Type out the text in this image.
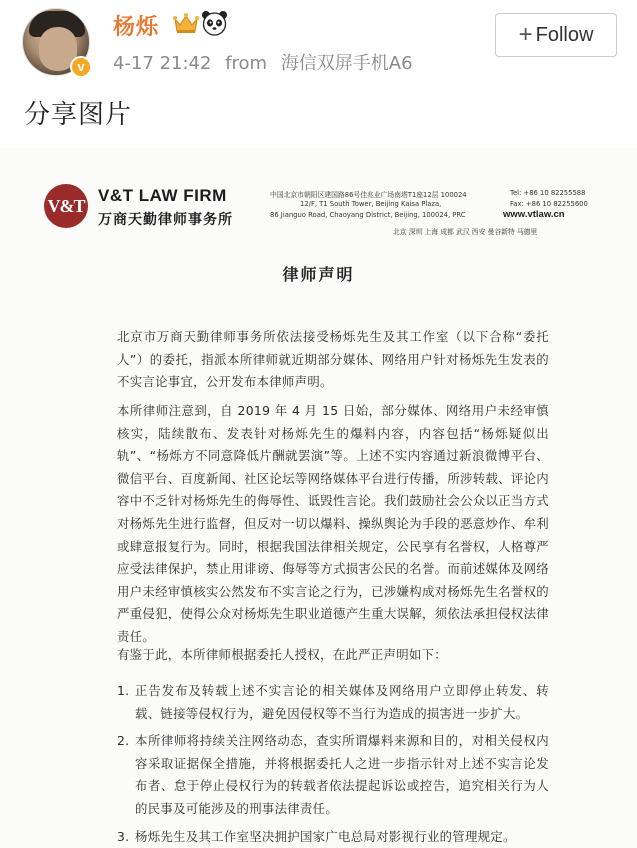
v
杨烁
4-17 21:42 from 海信双屏手机A6
+ Follow
分享图片
V&T V&T LAW FIRM
万商天勤律师事务所
中国北京市朝阳区建国路86号佳兆业广场南塔T1座12层 100024
12/F, T1 South Tower, Beijing Kaisa Plaza,
86 Jianguo Road, Chaoyang District, Beijing, 100024, PRC
Tel: +86 10 82255588
Fax: +86 10 82255600
www.vtlaw.cn
北京 深圳 上海 成都 武汉 西安 曼谷新特 马德里
律师声明
北京市万商天勤律师事务所依法接受杨烁先生及其工作室（以下合称“委托人”）的委托，指派本所律师就近期部分媒体、网络用户针对杨烁先生发表的不实言论事宜，公开发布本律师声明。
本所律师注意到，自 2019 年 4 月 15 日始，部分媒体、网络用户未经审慎核实，陆续散布、发表针对杨烁先生的爆料内容，内容包括“杨烁疑似出轨”、“杨烁方不同意降低片酬就罢演”等。上述不实内容通过新浪微博平台、微信平台、百度新闻、社区论坛等网络媒体平台进行传播，所涉转载、评论内容中不乏针对杨烁先生的侮辱性、诋毁性言论。我们鼓励社会公众以正当方式对杨烁先生进行监督，但反对一切以爆料、操纵舆论为手段的恶意炒作、牟利或肆意报复行为。同时，根据我国法律相关规定，公民享有名誉权，人格尊严应受法律保护，禁止用诽谤、侮辱等方式损害公民的名誉。而前述媒体及网络用户未经审慎核实公然发布不实言论之行为，已涉嫌构成对杨烁先生名誉权的严重侵犯，使得公众对杨烁先生职业道德产生重大误解，须依法承担侵权法律责任。
有鉴于此，本所律师根据委托人授权，在此严正声明如下：
1. 正告发布及转载上述不实言论的相关媒体及网络用户立即停止转发、转载、链接等侵权行为，避免因侵权等不当行为造成的损害进一步扩大。
2. 本所律师将持续关注网络动态，查实所谓爆料来源和目的，对相关侵权内容采取证据保全措施，并将根据委托人之进一步指示针对上述不实言论发布者、怠于停止侵权行为的转载者依法提起诉讼或控告，追究相关行为人的民事及可能涉及的刑事法律责任。
3. 杨烁先生及其工作室坚决拥护国家广电总局对影视行业的管理规定。
